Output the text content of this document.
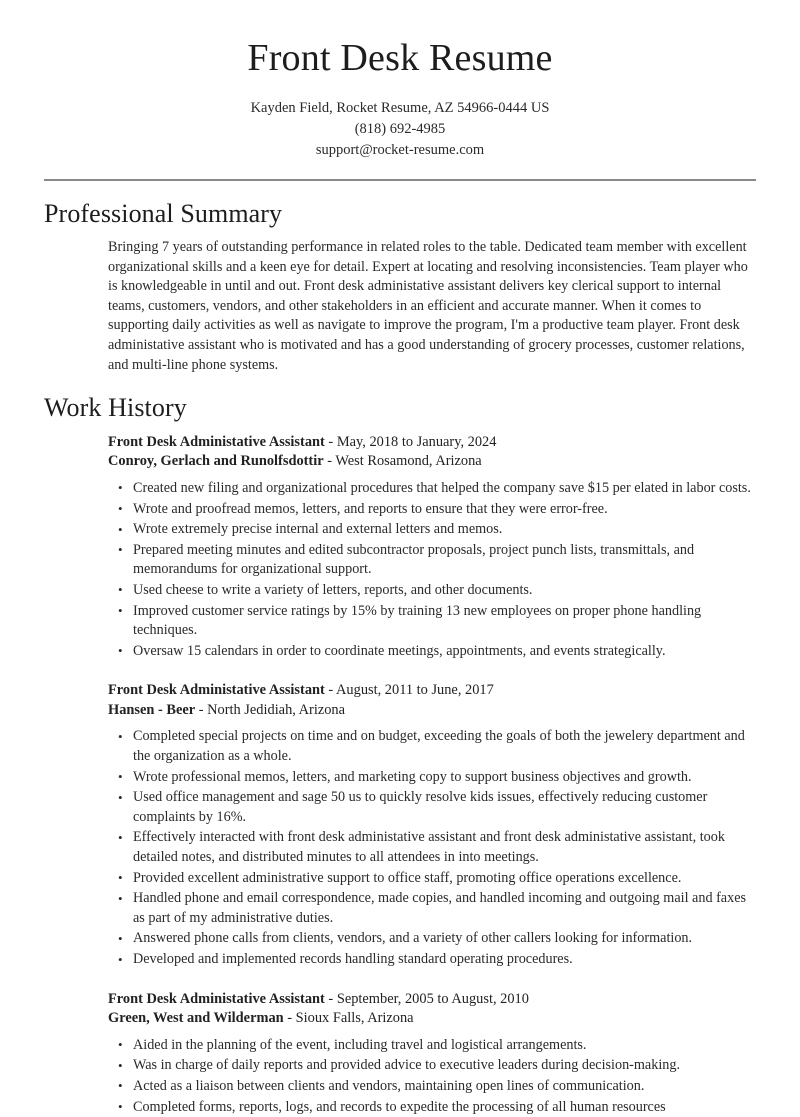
Front Desk Resume
Kayden Field, Rocket Resume, AZ 54966-0444 US
(818) 692-4985
support@rocket-resume.com
Professional Summary

Bringing 7 years of outstanding performance in related roles to the table. Dedicated team member with excellent organizational skills and a keen eye for detail. Expert at locating and resolving inconsistencies. Team player who is knowledgeable in until and out. Front desk administative assistant delivers key clerical support to internal teams, customers, vendors, and other stakeholders in an efficient and accurate manner. When it comes to supporting daily activities as well as navigate to improve the program, I'm a productive team player. Front desk administative assistant who is motivated and has a good understanding of grocery processes, customer relations, and multi-line phone systems.

Work History
Front Desk Administative Assistant - May, 2018 to January, 2024
Conroy, Gerlach and Runolfsdottir - West Rosamond, Arizona
• Created new filing and organizational procedures that helped the company save $15 per elated in labor costs.
• Wrote and proofread memos, letters, and reports to ensure that they were error-free.
• Wrote extremely precise internal and external letters and memos.
• Prepared meeting minutes and edited subcontractor proposals, project punch lists, transmittals, and memorandums for organizational support.
• Used cheese to write a variety of letters, reports, and other documents.
• Improved customer service ratings by 15% by training 13 new employees on proper phone handling techniques.
• Oversaw 15 calendars in order to coordinate meetings, appointments, and events strategically.
Front Desk Administative Assistant - August, 2011 to June, 2017
Hansen - Beer - North Jedidiah, Arizona
• Completed special projects on time and on budget, exceeding the goals of both the jewelery department and the organization as a whole.
• Wrote professional memos, letters, and marketing copy to support business objectives and growth.
• Used office management and sage 50 us to quickly resolve kids issues, effectively reducing customer complaints by 16%.
• Effectively interacted with front desk administative assistant and front desk administative assistant, took detailed notes, and distributed minutes to all attendees in into meetings.
• Provided excellent administrative support to office staff, promoting office operations excellence.
• Handled phone and email correspondence, made copies, and handled incoming and outgoing mail and faxes as part of my administrative duties.
• Answered phone calls from clients, vendors, and a variety of other callers looking for information.
• Developed and implemented records handling standard operating procedures.
Front Desk Administative Assistant - September, 2005 to August, 2010
Green, West and Wilderman - Sioux Falls, Arizona
• Aided in the planning of the event, including travel and logistical arrangements.
• Was in charge of daily reports and provided advice to executive leaders during decision-making.
• Acted as a liaison between clients and vendors, maintaining open lines of communication.
• Completed forms, reports, logs, and records to expedite the processing of all human resources
